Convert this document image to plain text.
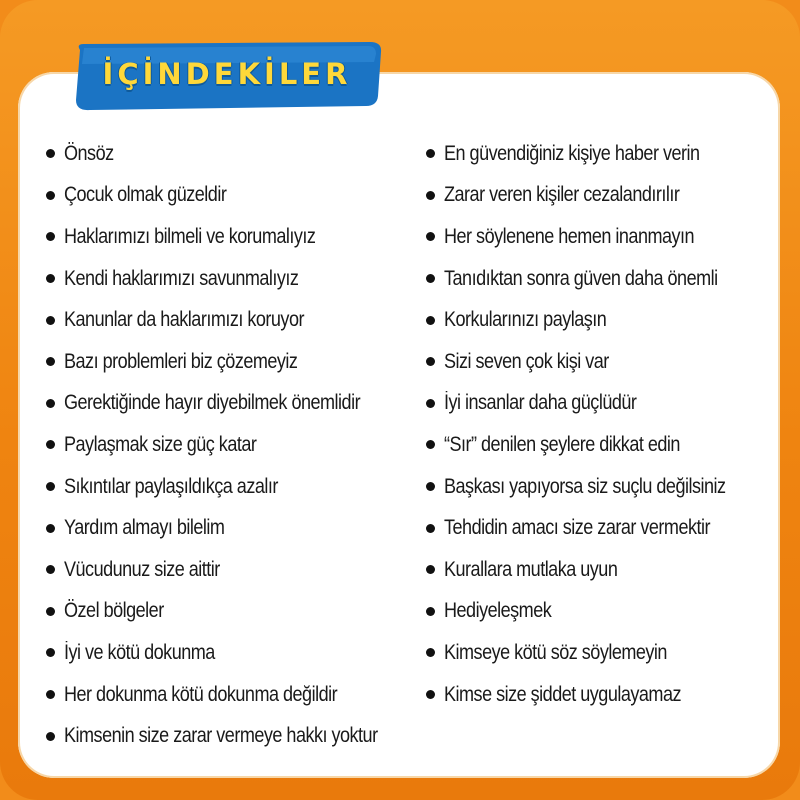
İÇİNDEKİLER
Önsöz
Çocuk olmak güzeldir
Haklarımızı bilmeli ve korumalıyız
Kendi haklarımızı savunmalıyız
Kanunlar da haklarımızı koruyor
Bazı problemleri biz çözemeyiz
Gerektiğinde hayır diyebilmek önemlidir
Paylaşmak size güç katar
Sıkıntılar paylaşıldıkça azalır
Yardım almayı bilelim
Vücudunuz size aittir
Özel bölgeler
İyi ve kötü dokunma
Her dokunma kötü dokunma değildir
Kimsenin size zarar vermeye hakkı yoktur
En güvendiğiniz kişiye haber verin
Zarar veren kişiler cezalandırılır
Her söylenene hemen inanmayın
Tanıdıktan sonra güven daha önemli
Korkularınızı paylaşın
Sizi seven çok kişi var
İyi insanlar daha güçlüdür
“Sır” denilen şeylere dikkat edin
Başkası yapıyorsa siz suçlu değilsiniz
Tehdidin amacı size zarar vermektir
Kurallara mutlaka uyun
Hediyeleşmek
Kimseye kötü söz söylemeyin
Kimse size şiddet uygulayamaz
